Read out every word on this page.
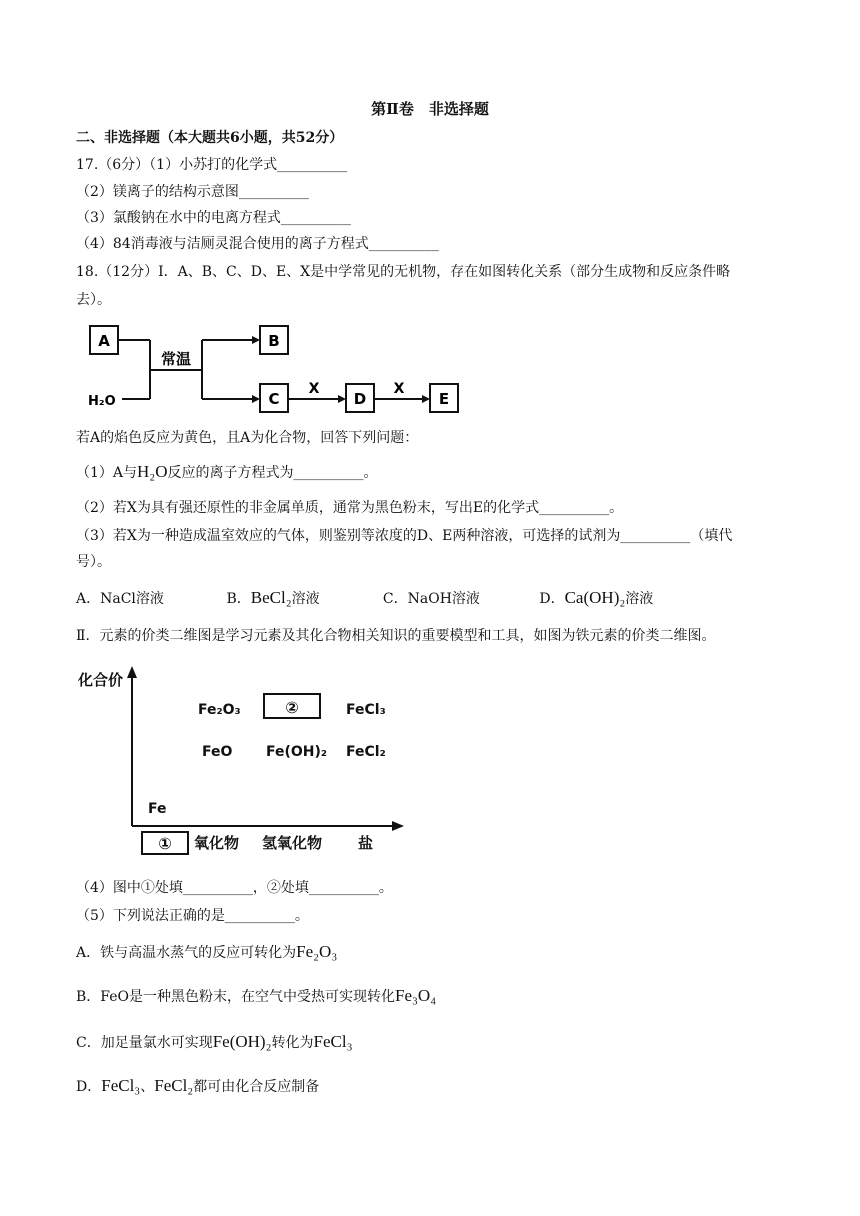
第Ⅱ卷　非选择题
二、非选择题（本大题共6小题，共52分）
17.（6分）（1）小苏打的化学式__________
（2）镁离子的结构示意图__________
（3）氯酸钠在水中的电离方程式__________
（4）84消毒液与洁厕灵混合使用的离子方程式__________
18.（12分）Ⅰ．A、B、C、D、E、X是中学常见的无机物，存在如图转化关系（部分生成物和反应条件略
去）。
A	B
C	D	E
H₂O
常温
X	X
若A的焰色反应为黄色，且A为化合物，回答下列问题：
（1）A与H₂O反应的离子方程式为__________。
（2）若X为具有强还原性的非金属单质，通常为黑色粉末，写出E的化学式__________。
（3）若X为一种造成温室效应的气体，则鉴别等浓度的D、E两种溶液，可选择的试剂为__________（填代
号）。
A．NaCl溶液	B．BeCl₂溶液	C．NaOH溶液	D．Ca(OH)₂溶液
Ⅱ．元素的价类二维图是学习元素及其化合物相关知识的重要模型和工具，如图为铁元素的价类二维图。
化合价
Fe₂O₃	②	FeCl₃
FeO Fe(OH)₂ FeCl₂
Fe
① 氧化物 氢氧化物 盐
（4）图中①处填__________，②处填__________。
（5）下列说法正确的是__________。
A．铁与高温水蒸气的反应可转化为Fe₂O₃
B．FeO是一种黑色粉末，在空气中受热可实现转化Fe₃O₄
C．加足量氯水可实现Fe(OH)₂转化为FeCl₃
D．FeCl₃、FeCl₂都可由化合反应制备
